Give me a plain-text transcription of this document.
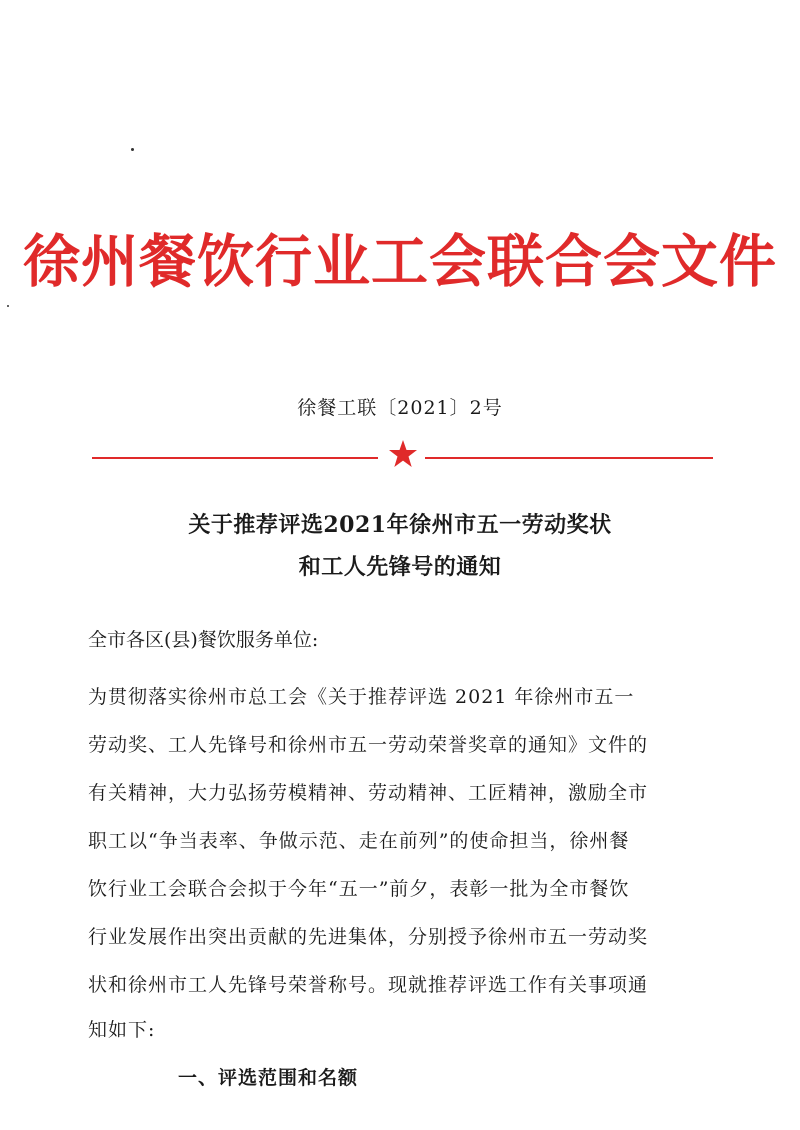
徐州餐饮行业工会联合会文件
徐餐工联〔2021〕2号
关于推荐评选2021年徐州市五一劳动奖状
和工人先锋号的通知
全市各区(县)餐饮服务单位:
为贯彻落实徐州市总工会《关于推荐评选 2021 年徐州市五一
劳动奖、工人先锋号和徐州市五一劳动荣誉奖章的通知》文件的
有关精神，大力弘扬劳模精神、劳动精神、工匠精神，激励全市
职工以“争当表率、争做示范、走在前列”的使命担当，徐州餐
饮行业工会联合会拟于今年“五一”前夕，表彰一批为全市餐饮
行业发展作出突出贡献的先进集体，分别授予徐州市五一劳动奖
状和徐州市工人先锋号荣誉称号。现就推荐评选工作有关事项通
知如下:
一、评选范围和名额
